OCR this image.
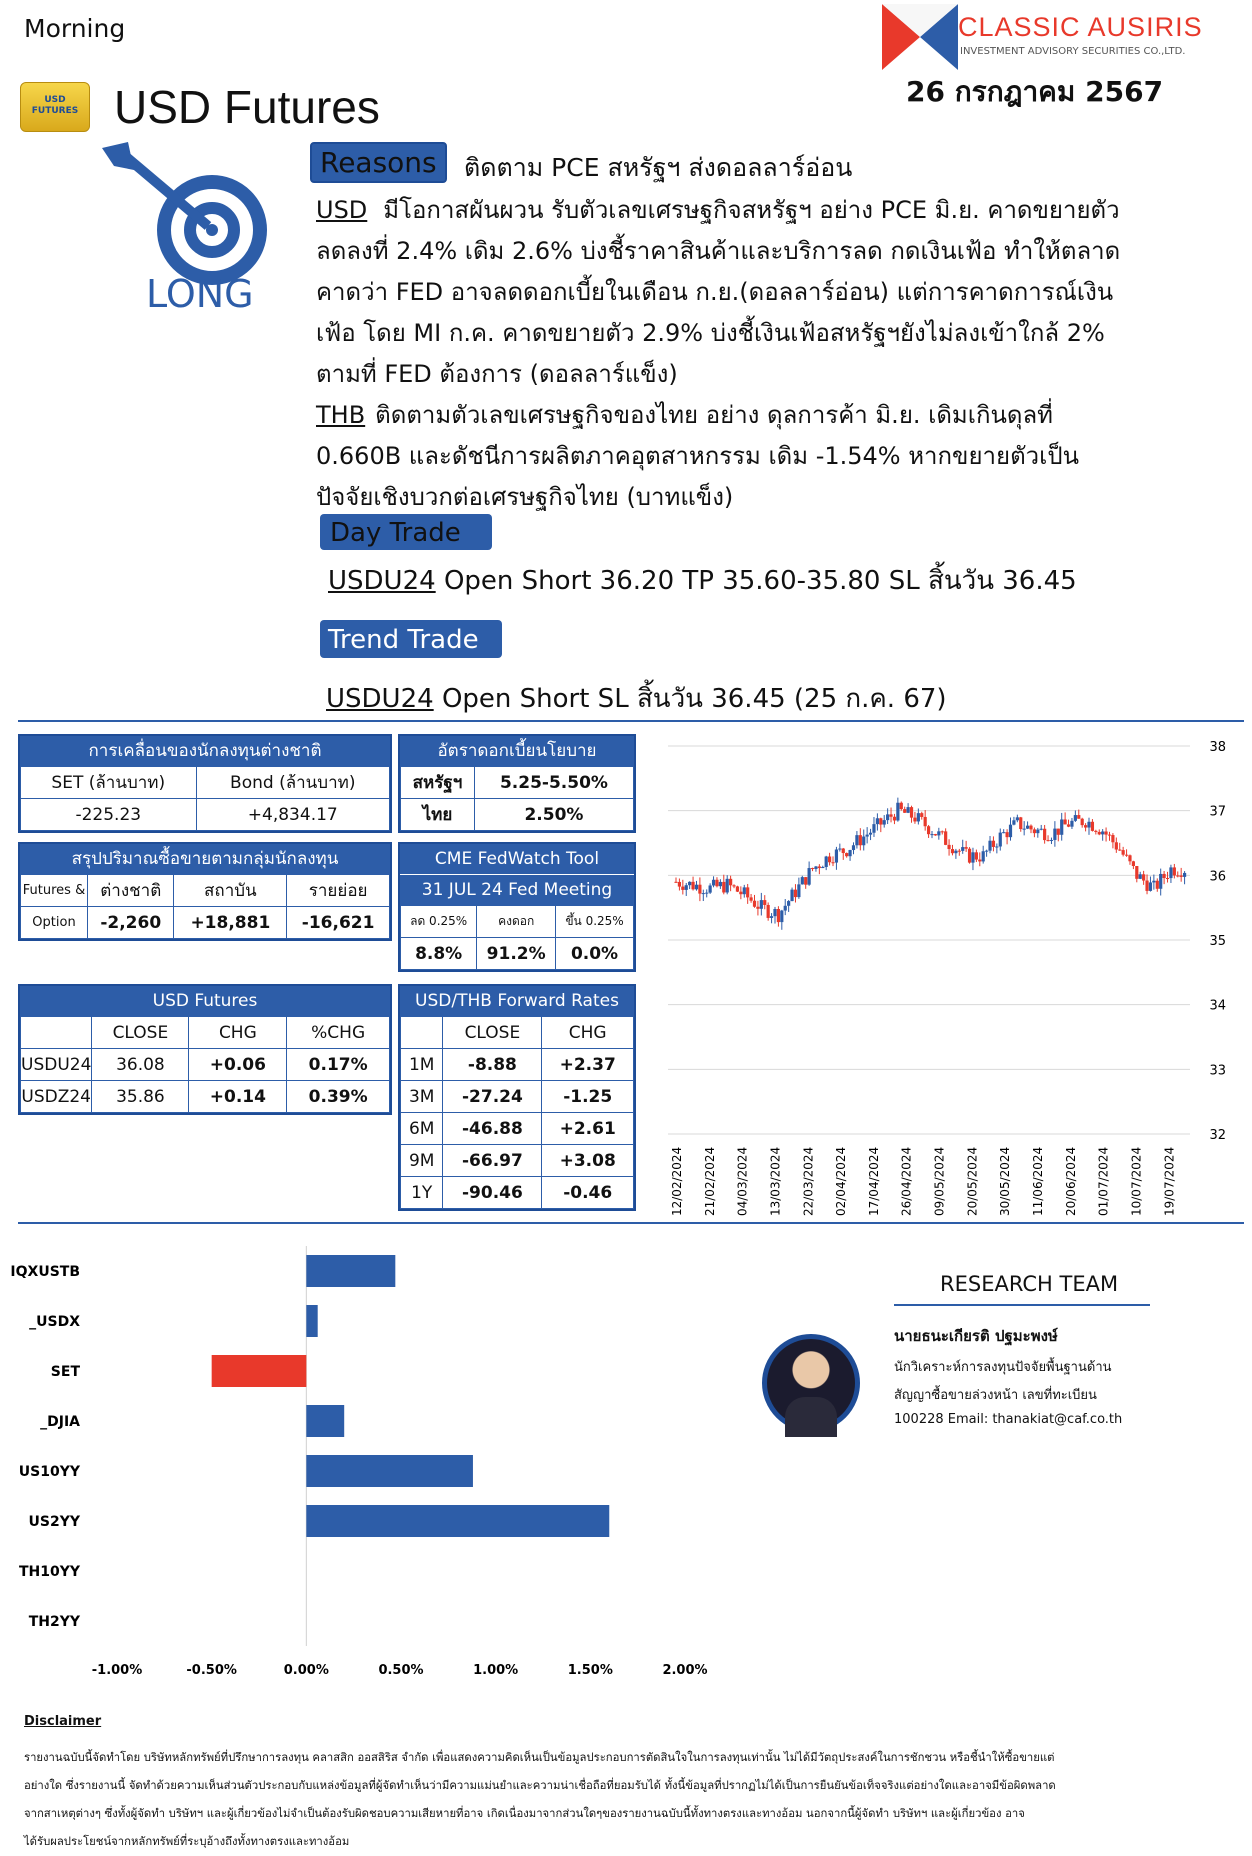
Morning	CLASSIC AUSIRIS
INVESTMENT ADVISORY SECURITIES CO.,LTD.
26 กรกฎาคม 2567
USD FUTURES USD Futures
LONG
Reasons	ติดตาม PCE สหรัฐฯ ส่งดอลลาร์อ่อน
USD มีโอกาสผันผวน รับตัวเลขเศรษฐกิจสหรัฐฯ อย่าง PCE มิ.ย. คาดขยายตัว
ลดลงที่ 2.4% เดิม 2.6% บ่งชี้ราคาสินค้าและบริการลด กดเงินเฟ้อ ทำให้ตลาด
คาดว่า FED อาจลดดอกเบี้ยในเดือน ก.ย.(ดอลลาร์อ่อน) แต่การคาดการณ์เงิน
เฟ้อ โดย MI ก.ค. คาดขยายตัว 2.9% บ่งชี้เงินเฟ้อสหรัฐฯยังไม่ลงเข้าใกล้ 2%
ตามที่ FED ต้องการ (ดอลลาร์แข็ง)
THB ติดตามตัวเลขเศรษฐกิจของไทย อย่าง ดุลการค้า มิ.ย. เดิมเกินดุลที่
0.660B และดัชนีการผลิตภาคอุตสาหกรรม เดิม -1.54% หากขยายตัวเป็น
ปัจจัยเชิงบวกต่อเศรษฐกิจไทย (บาทแข็ง)
Day Trade
USDU24 Open Short 36.20 TP 35.60-35.80 SL สิ้นวัน 36.45
Trend Trade
USDU24 Open Short SL สิ้นวัน 36.45 (25 ก.ค. 67)
การเคลื่อนของนักลงทุนต่างชาติ
SET (ล้านบาท)	Bond (ล้านบาท)
-225.23	+4,834.17
อัตราดอกเบี้ยนโยบาย
สหรัฐฯ	5.25-5.50%
ไทย	2.50%
สรุปปริมาณซื้อขายตามกลุ่มนักลงทุน
Futures &	ต่างชาติ	สถาบัน	รายย่อย
Option	-2,260	+18,881	-16,621
CME FedWatch Tool
31 JUL 24 Fed Meeting
ลด 0.25%	คงดอก	ขึ้น 0.25%
8.8%	91.2%	0.0%
USD Futures
	CLOSE	CHG	%CHG
USDU24	36.08	+0.06	0.17%
USDZ24	35.86	+0.14	0.39%
USD/THB Forward Rates
	CLOSE	CHG
1M	-8.88	+2.37
3M	-27.24	-1.25
6M	-46.88	+2.61
9M	-66.97	+3.08
1Y	-90.46	-0.46
38
37
36
35
34
33
32
12/02/2024 21/02/2024 04/03/2024 13/03/2024 22/03/2024 02/04/2024 17/04/2024 26/04/2024 09/05/2024 20/05/2024 30/05/2024 11/06/2024 20/06/2024 01/07/2024 10/07/2024 19/07/2024
IQXUSTB
_USDX
SET
_DJIA
US10YY
US2YY
TH10YY
TH2YY
-1.00%	-0.50%	0.00%	0.50%	1.00%	1.50%	2.00%
RESEARCH TEAM
นายธนะเกียรติ ปฐมะพงษ์
นักวิเคราะห์การลงทุนปัจจัยพื้นฐานด้าน
สัญญาซื้อขายล่วงหน้า เลขที่ทะเบียน
100228 Email: thanakiat@caf.co.th
Disclaimer
รายงานฉบับนี้จัดทำโดย บริษัทหลักทรัพย์ที่ปรึกษาการลงทุน คลาสสิก ออสสิริส จำกัด เพื่อแสดงความคิดเห็นเป็นข้อมูลประกอบการตัดสินใจในการลงทุนเท่านั้น ไม่ได้มีวัตถุประสงค์ในการชักชวน หรือชี้นำให้ซื้อขายแต่
อย่างใด ซึ่งรายงานนี้ จัดทำด้วยความเห็นส่วนตัวประกอบกับแหล่งข้อมูลที่ผู้จัดทำเห็นว่ามีความแม่นยำและความน่าเชื่อถือที่ยอมรับได้ ทั้งนี้ข้อมูลที่ปรากฏไม่ได้เป็นการยืนยันข้อเท็จจริงแต่อย่างใดและอาจมีข้อผิดพลาด
จากสาเหตุต่างๆ ซึ่งทั้งผู้จัดทำ บริษัทฯ และผู้เกี่ยวข้องไม่จำเป็นต้องรับผิดชอบความเสียหายที่อาจ เกิดเนื่องมาจากส่วนใดๆของรายงานฉบับนี้ทั้งทางตรงและทางอ้อม นอกจากนี้ผู้จัดทำ บริษัทฯ และผู้เกี่ยวข้อง อาจ
ได้รับผลประโยชน์จากหลักทรัพย์ที่ระบุอ้างถึงทั้งทางตรงและทางอ้อม
